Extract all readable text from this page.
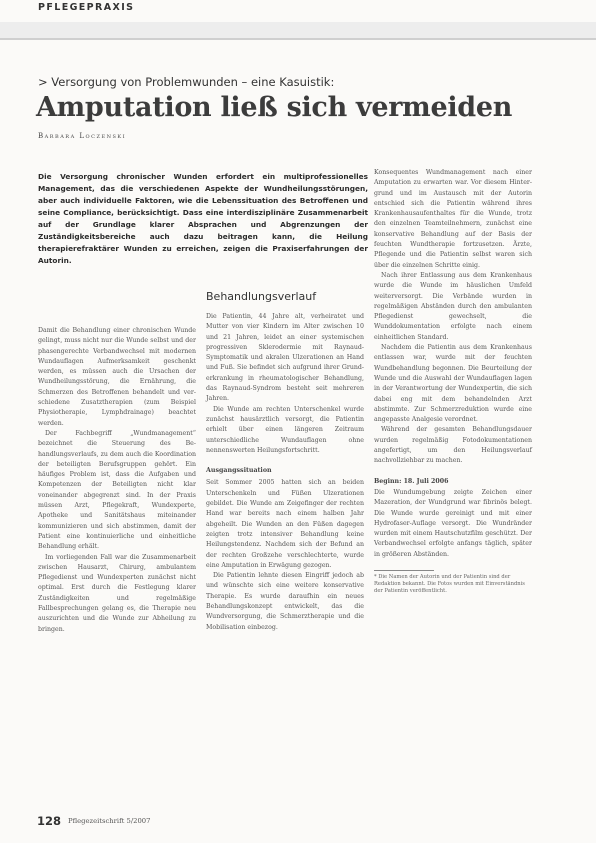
PFLEGEPRAXIS
> Versorgung von Problemwunden – eine Kasuistik:
Amputation ließ sich vermeiden
Barbara Loczenski
Die Versorgung chronischer Wunden erfordert ein multiprofessionelles Management, das die verschiedenen Aspekte der Wundheilungsstörungen, aber auch individuelle Faktoren, wie die Lebenssituation des Betroffenen und seine Compliance, berücksichtigt. Dass eine interdisziplinäre Zusammenarbeit auf der Grundlage klarer Absprachen und Abgrenzungen der Zuständigkeitsbereiche auch dazu beitragen kann, die Heilung therapierefraktärer Wunden zu erreichen, zeigen die Praxiserfahrungen der Autorin.

Damit die Behandlung einer chronischen Wunde gelingt, muss nicht nur die Wunde selbst und der phasengerechte Verbandwechsel mit modernen Wundauflagen Aufmerksamkeit geschenkt werden, es müssen auch die Ursachen der Wundheilungsstörung, die Ernährung, die Schmerzen des Betroffenen behandelt und verschiedene Zusatztherapien (zum Beispiel Physiotherapie, Lymphdrainage) beachtet werden.

Der Fachbegriff „Wundmanagement“ bezeichnet die Steuerung des Behandlungsverlaufs, zu dem auch die Koordination der beteiligten Berufsgruppen gehört. Ein häufiges Problem ist, dass die Aufgaben und Kompetenzen der Beteiligten nicht klar voneinander abgegrenzt sind. In der Praxis müssen Arzt, Pflegekraft, Wundexperte, Apotheke und Sanitätshaus miteinander kommunizieren und sich abstimmen, damit der Patient eine kontinuierliche und einheitliche Behandlung erhält.

Im vorliegenden Fall war die Zusammenarbeit zwischen Hausarzt, Chirurg, ambulantem Pflegedienst und Wundexperten zunächst nicht optimal. Erst durch die Festlegung klarer Zuständigkeiten und regelmäßige Fallbesprechungen gelang es, die Therapie neu auszurichten und die Wunde zur Abheilung zu bringen.

Behandlungsverlauf

Die Patientin, 44 Jahre alt, verheiratet und Mutter von vier Kindern im Alter zwischen 10 und 21 Jahren, leidet an einer systemischen progressiven Sklerodermie mit Raynaud-Symptomatik und akralen Ulzerationen an Hand und Fuß. Sie befindet sich aufgrund ihrer Grunderkrankung in rheumatologischer Behandlung, das Raynaud-Syndrom besteht seit mehreren Jahren.

Die Wunde am rechten Unterschenkel wurde zunächst hausärztlich versorgt, die Patientin erhielt über einen längeren Zeitraum unterschiedliche Wundauflagen ohne nennenswerten Heilungsfortschritt.

Ausgangssituation

Seit Sommer 2005 hatten sich an beiden Unterschenkeln und Füßen Ulzerationen gebildet. Die Wunde am Zeigefinger der rechten Hand war bereits nach einem halben Jahr abgeheilt. Die Wunden an den Füßen dagegen zeigten trotz intensiver Behandlung keine Heilungstendenz. Nachdem sich der Befund an der rechten Großzehe verschlechterte, wurde eine Amputation in Erwägung gezogen.

Die Patientin lehnte diesen Eingriff jedoch ab und wünschte sich eine weitere konservative Therapie. Es wurde daraufhin ein neues Behandlungskonzept entwickelt, das die Wundversorgung, die Schmerztherapie und die Mobilisation einbezog.

Konsequentes Wundmanagement nach einer Amputation zu erwarten war. Vor diesem Hintergrund und im Austausch mit der Autorin entschied sich die Patientin während ihres Krankenhausaufenthaltes für die Wunde, trotz den einzelnen Teamteilnehmern, zunächst eine konservative Behandlung auf der Basis der feuchten Wundtherapie fortzusetzen. Ärzte, Pflegende und die Patientin selbst waren sich über die einzelnen Schritte einig.

Nach ihrer Entlassung aus dem Krankenhaus wurde die Wunde im häuslichen Umfeld weiterversorgt. Die Verbände wurden in regelmäßigen Abständen durch den ambulanten Pflegedienst gewechselt, die Wunddokumentation erfolgte nach einem einheitlichen Standard.

Nachdem die Patientin aus dem Krankenhaus entlassen war, wurde mit der feuchten Wundbehandlung begonnen. Die Beurteilung der Wunde und die Auswahl der Wundauflagen lagen in der Verantwortung der Wundexpertin, die sich dabei eng mit dem behandelnden Arzt abstimmte. Zur Schmerzreduktion wurde eine angepasste Analgesie verordnet.

Während der gesamten Behandlungsdauer wurden regelmäßig Fotodokumentationen angefertigt, um den Heilungsverlauf nachvollziehbar zu machen.

Beginn: 18. Juli 2006

Die Wundumgebung zeigte Zeichen einer Mazeration, der Wundgrund war fibrinös belegt. Die Wunde wurde gereinigt und mit einer Hydrofaser-Auflage versorgt. Die Wundränder wurden mit einem Hautschutzfilm geschützt. Der Verbandwechsel erfolgte anfangs täglich, später in größeren Abständen.

* Die Namen der Autorin und der Patientin sind der Redaktion bekannt. Die Fotos wurden mit Einverständnis der Patientin veröffentlicht.
128 Pflegezeitschrift 5/2007
